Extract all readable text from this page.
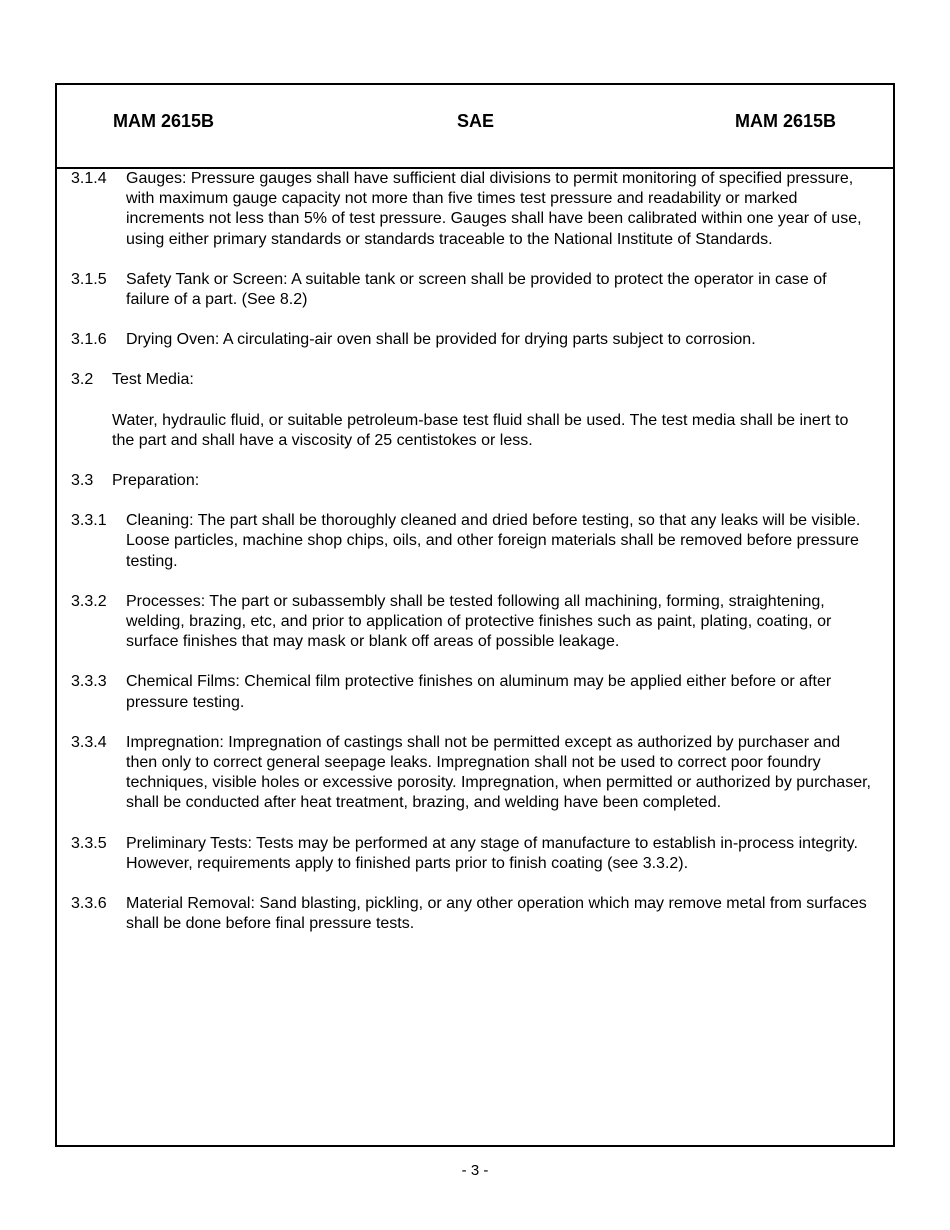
MAM 2615B	SAE	MAM 2615B

3.1.4 Gauges: Pressure gauges shall have sufficient dial divisions to permit monitoring of specified pressure, with maximum gauge capacity not more than five times test pressure and readability or marked increments not less than 5% of test pressure. Gauges shall have been calibrated within one year of use, using either primary standards or standards traceable to the National Institute of Standards.

3.1.5 Safety Tank or Screen: A suitable tank or screen shall be provided to protect the operator in case of failure of a part. (See 8.2)

3.1.6 Drying Oven: A circulating-air oven shall be provided for drying parts subject to corrosion.

3.2 Test Media:

Water, hydraulic fluid, or suitable petroleum-base test fluid shall be used. The test media shall be inert to the part and shall have a viscosity of 25 centistokes or less.

3.3 Preparation:

3.3.1 Cleaning: The part shall be thoroughly cleaned and dried before testing, so that any leaks will be visible. Loose particles, machine shop chips, oils, and other foreign materials shall be removed before pressure testing.

3.3.2 Processes: The part or subassembly shall be tested following all machining, forming, straightening, welding, brazing, etc, and prior to application of protective finishes such as paint, plating, coating, or surface finishes that may mask or blank off areas of possible leakage.

3.3.3 Chemical Films: Chemical film protective finishes on aluminum may be applied either before or after pressure testing.

3.3.4 Impregnation: Impregnation of castings shall not be permitted except as authorized by purchaser and then only to correct general seepage leaks. Impregnation shall not be used to correct poor foundry techniques, visible holes or excessive porosity. Impregnation, when permitted or authorized by purchaser, shall be conducted after heat treatment, brazing, and welding have been completed.

3.3.5 Preliminary Tests: Tests may be performed at any stage of manufacture to establish in-process integrity. However, requirements apply to finished parts prior to finish coating (see 3.3.2).

3.3.6 Material Removal: Sand blasting, pickling, or any other operation which may remove metal from surfaces shall be done before final pressure tests.

- 3 -
